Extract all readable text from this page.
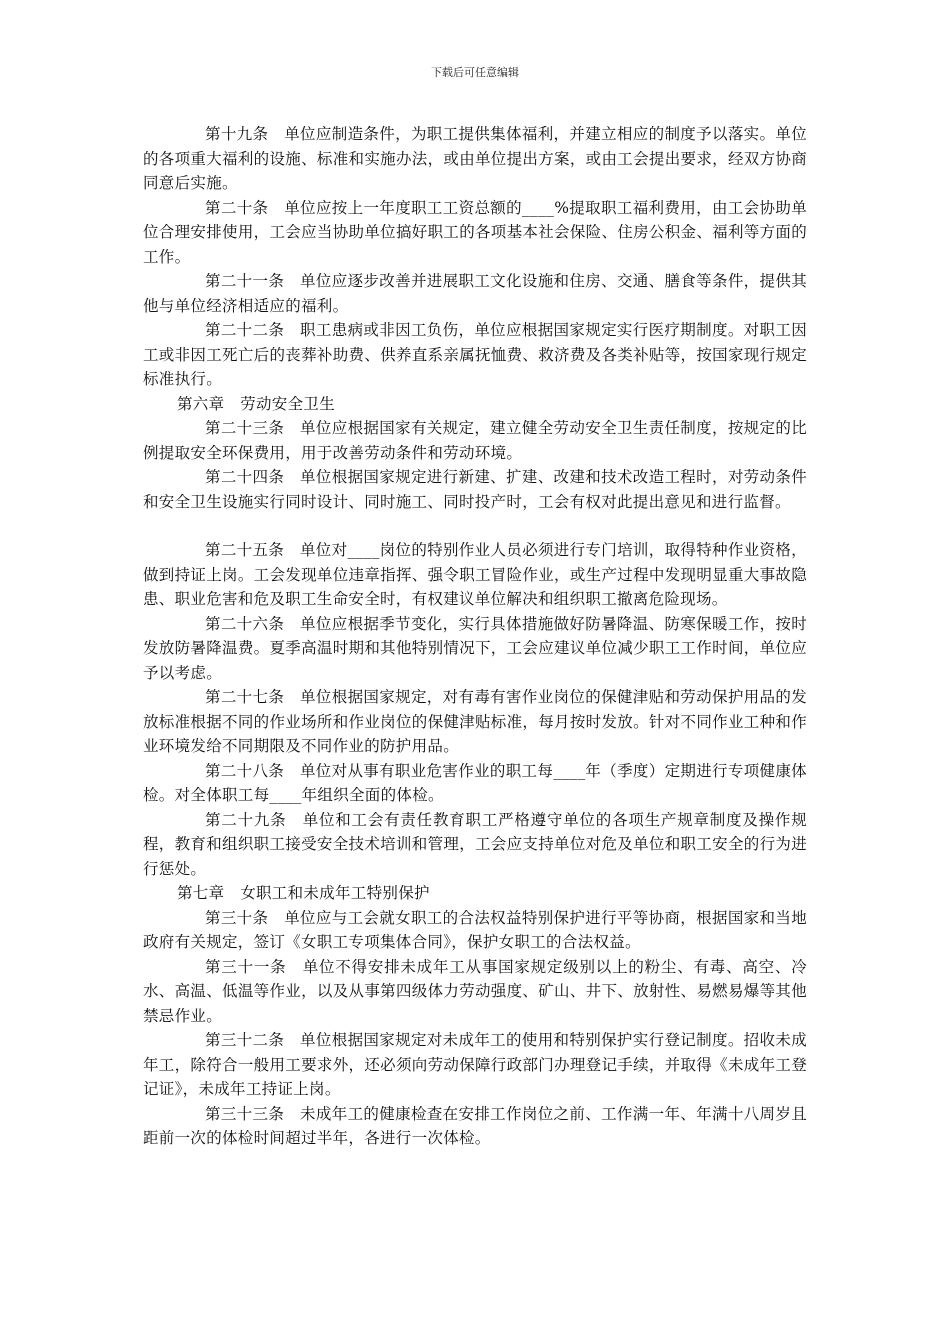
下载后可任意编辑

第十九条　单位应制造条件，为职工提供集体福利，并建立相应的制度予以落实。单位的各项重大福利的设施、标准和实施办法，或由单位提出方案，或由工会提出要求，经双方协商同意后实施。

第二十条　单位应按上一年度职工工资总额的____%提取职工福利费用，由工会协助单位合理安排使用，工会应当协助单位搞好职工的各项基本社会保险、住房公积金、福利等方面的工作。

第二十一条　单位应逐步改善并进展职工文化设施和住房、交通、膳食等条件，提供其他与单位经济相适应的福利。

第二十二条　职工患病或非因工负伤，单位应根据国家规定实行医疗期制度。对职工因工或非因工死亡后的丧葬补助费、供养直系亲属抚恤费、救济费及各类补贴等，按国家现行规定标准执行。

第六章　劳动安全卫生

第二十三条　单位应根据国家有关规定，建立健全劳动安全卫生责任制度，按规定的比例提取安全环保费用，用于改善劳动条件和劳动环境。

第二十四条　单位根据国家规定进行新建、扩建、改建和技术改造工程时，对劳动条件和安全卫生设施实行同时设计、同时施工、同时投产时，工会有权对此提出意见和进行监督。

第二十五条　单位对____岗位的特别作业人员必须进行专门培训，取得特种作业资格，做到持证上岗。工会发现单位违章指挥、强令职工冒险作业，或生产过程中发现明显重大事故隐患、职业危害和危及职工生命安全时，有权建议单位解决和组织职工撤离危险现场。

第二十六条　单位应根据季节变化，实行具体措施做好防暑降温、防寒保暖工作，按时发放防暑降温费。夏季高温时期和其他特别情况下，工会应建议单位减少职工工作时间，单位应予以考虑。

第二十七条　单位根据国家规定，对有毒有害作业岗位的保健津贴和劳动保护用品的发放标准根据不同的作业场所和作业岗位的保健津贴标准，每月按时发放。针对不同作业工种和作业环境发给不同期限及不同作业的防护用品。

第二十八条　单位对从事有职业危害作业的职工每____年（季度）定期进行专项健康体检。对全体职工每____年组织全面的体检。

第二十九条　单位和工会有责任教育职工严格遵守单位的各项生产规章制度及操作规程，教育和组织职工接受安全技术培训和管理，工会应支持单位对危及单位和职工安全的行为进行惩处。

第七章　女职工和未成年工特别保护

第三十条　单位应与工会就女职工的合法权益特别保护进行平等协商，根据国家和当地政府有关规定，签订《女职工专项集体合同》，保护女职工的合法权益。

第三十一条　单位不得安排未成年工从事国家规定级别以上的粉尘、有毒、高空、冷水、高温、低温等作业，以及从事第四级体力劳动强度、矿山、井下、放射性、易燃易爆等其他禁忌作业。

第三十二条　单位根据国家规定对未成年工的使用和特别保护实行登记制度。招收未成年工，除符合一般用工要求外，还必须向劳动保障行政部门办理登记手续，并取得《未成年工登记证》，未成年工持证上岗。

第三十三条　未成年工的健康检查在安排工作岗位之前、工作满一年、年满十八周岁且距前一次的体检时间超过半年，各进行一次体检。
